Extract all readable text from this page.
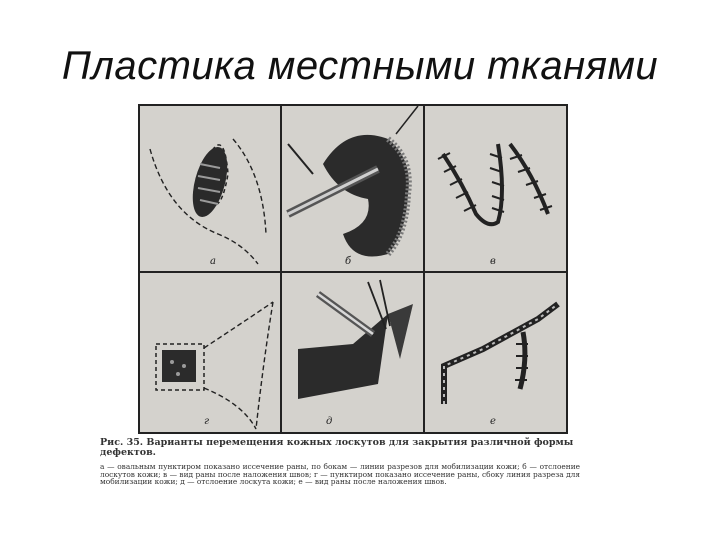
Пластика местными тканями
а	б	в
г	д	е
Рис. 35. Варианты перемещения кожных лоскутов для закрытия различной формы дефектов.
а — овальным пунктиром показано иссечение раны, по бокам — линии разрезов для мобилизации кожи; б — отслоение лоскутов кожи; в — вид раны после наложения швов; г — пунктиром показано иссечение раны, сбоку линия разреза для мобилизации кожи; д — отслоение лоскута кожи; е — вид раны после наложения швов.
